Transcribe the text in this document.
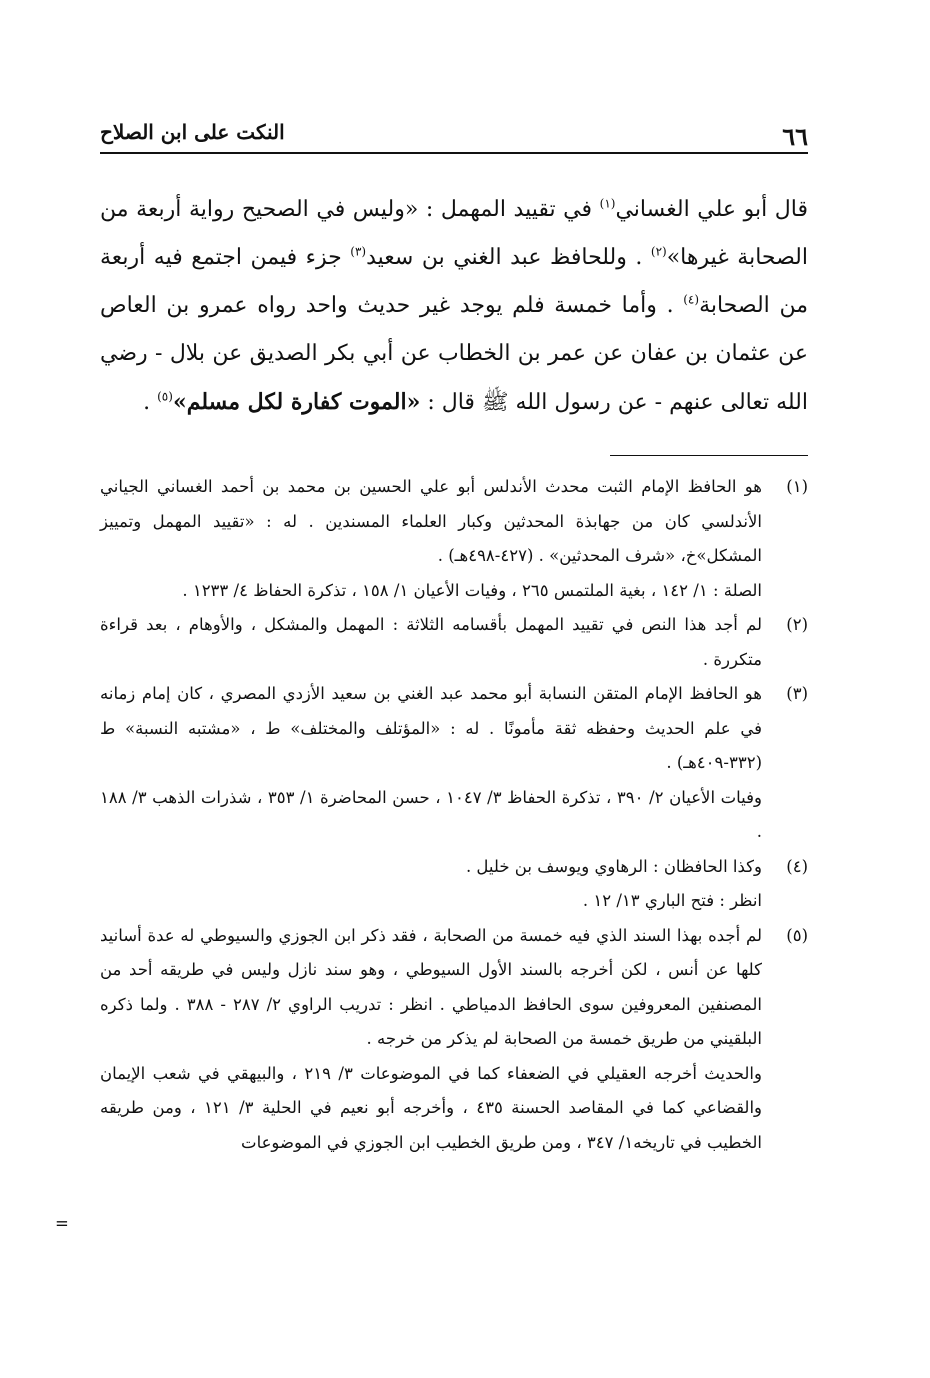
٦٦
النكت على ابن الصلاح

قال أبو علي الغساني$^{(١)}$ في تقييد المهمل : «وليس في الصحيح رواية أربعة من الصحابة غيرها»$^{(٢)}$ . وللحافظ عبد الغني بن سعيد$^{(٣)}$ جزء فيمن اجتمع فيه أربعة من الصحابة$^{(٤)}$ . وأما خمسة فلم يوجد غير حديث واحد رواه عمرو بن العاص عن عثمان بن عفان عن عمر بن الخطاب عن أبي بكر الصديق عن بلال - رضي الله تعالى عنهم - عن رسول الله ﷺ قال : «الموت كفارة لكل مسلم»$^{(٥)}$ .

(١)

هو الحافظ الإمام الثبت محدث الأندلس أبو علي الحسين بن محمد بن أحمد الغساني الجياني الأندلسي كان من جهابذة المحدثين وكبار العلماء المسندين . له : «تقييد المهمل وتمييز المشكل»خ، «شرف المحدثين» . (٤٢٧-٤٩٨هـ) .

الصلة : ١/ ١٤٢ ، بغية الملتمس ٢٦٥ ، وفيات الأعيان ١/ ١٥٨ ، تذكرة الحفاظ ٤/ ١٢٣٣ .

(٢)

لم أجد هذا النص في تقييد المهمل بأقسامه الثلاثة : المهمل والمشكل ، والأوهام ، بعد قراءة متكررة .

(٣)

هو الحافظ الإمام المتقن النسابة أبو محمد عبد الغني بن سعيد الأزدي المصري ، كان إمام زمانه في علم الحديث وحفظه ثقة مأمونًا . له : «المؤتلف والمختلف» ط ، «مشتبه النسبة» ط (٣٣٢-٤٠٩هـ) .

وفيات الأعيان ٢/ ٣٩٠ ، تذكرة الحفاظ ٣/ ١٠٤٧ ، حسن المحاضرة ١/ ٣٥٣ ، شذرات الذهب ٣/ ١٨٨ .

(٤)

وكذا الحافظان : الرهاوي ويوسف بن خليل .

انظر : فتح الباري ١٣/ ١٢ .

(٥)

لم أجده بهذا السند الذي فيه خمسة من الصحابة ، فقد ذكر ابن الجوزي والسيوطي له عدة أسانيد كلها عن أنس ، لكن أخرجه بالسند الأول السيوطي ، وهو سند نازل وليس في طريقه أحد من المصنفين المعروفين سوى الحافظ الدمياطي . انظر : تدريب الراوي ٢/ ٢٨٧ - ٣٨٨ . ولما ذكره البلقيني من طريق خمسة من الصحابة لم يذكر من خرجه .

والحديث أخرجه العقيلي في الضعفاء كما في الموضوعات ٣/ ٢١٩ ، والبيهقي في شعب الإيمان والقضاعي كما في المقاصد الحسنة ٤٣٥ ، وأخرجه أبو نعيم في الحلية ٣/ ١٢١ ، ومن طريقه الخطيب في تاريخه١/ ٣٤٧ ، ومن طريق الخطيب ابن الجوزي في الموضوعات

=
